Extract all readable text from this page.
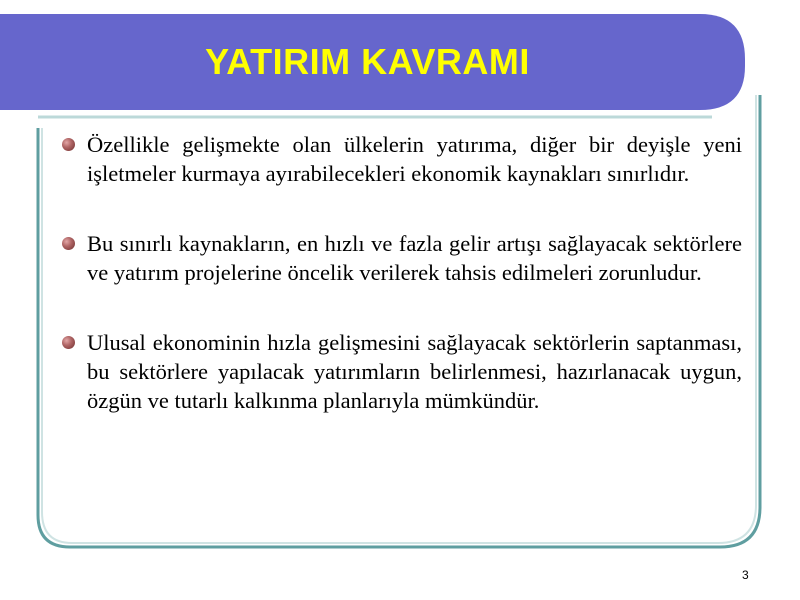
YATIRIM KAVRAMI
Özellikle gelişmekte olan ülkelerin yatırıma, diğer bir deyişle yeni işletmeler kurmaya ayırabilecekleri ekonomik kaynakları sınırlıdır.
Bu sınırlı kaynakların, en hızlı ve fazla gelir artışı sağlayacak sektörlere ve yatırım projelerine öncelik verilerek tahsis edilmeleri zorunludur.
Ulusal ekonominin hızla gelişmesini sağlayacak sektörlerin saptanması, bu sektörlere yapılacak yatırımların belirlenmesi, hazırlanacak uygun, özgün ve tutarlı kalkınma planlarıyla mümkündür.
3
